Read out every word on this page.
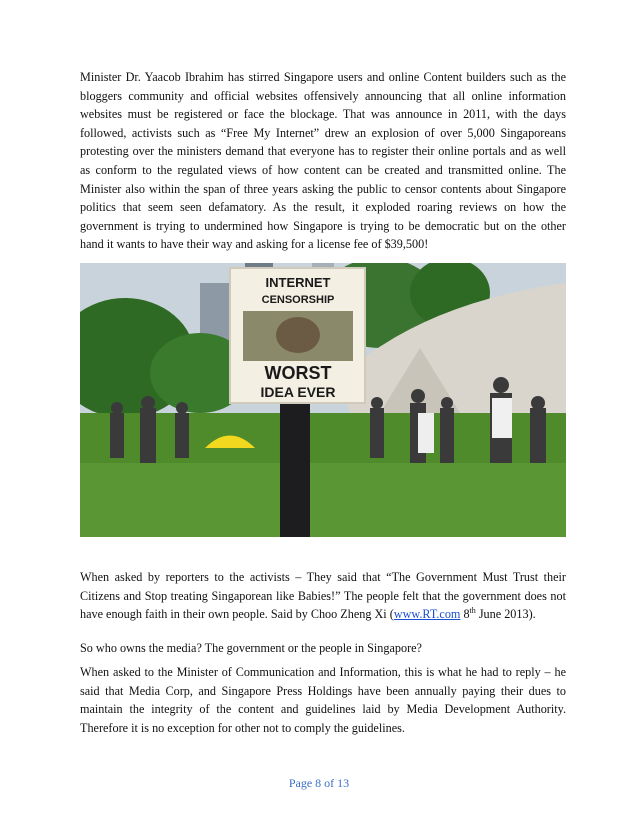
Minister Dr. Yaacob Ibrahim has stirred Singapore users and online Content builders such as the bloggers community and official websites offensively announcing that all online information websites must be registered or face the blockage. That was announce in 2011, with the days followed, activists such as “Free My Internet” drew an explosion of over 5,000 Singaporeans protesting over the ministers demand that everyone has to register their online portals and as well as conform to the regulated views of how content can be created and transmitted online. The Minister also within the span of three years asking the public to censor contents about Singapore politics that seem seen defamatory. As the result, it exploded roaring reviews on how the government is trying to undermined how Singapore is trying to be democratic but on the other hand it wants to have their way and asking for a license fee of $39,500!

INTERNET
CENSORSHIP
WORST
IDEA EVER

When asked by reporters to the activists – They said that “The Government Must Trust their Citizens and Stop treating Singaporean like Babies!” The people felt that the government does not have enough faith in their own people. Said by Choo Zheng Xi (www.RT.com 8th June 2013).

So who owns the media? The government or the people in Singapore?

When asked to the Minister of Communication and Information, this is what he had to reply – he said that Media Corp, and Singapore Press Holdings have been annually paying their dues to maintain the integrity of the content and guidelines laid by Media Development Authority. Therefore it is no exception for other not to comply the guidelines.

Page 8 of 13
